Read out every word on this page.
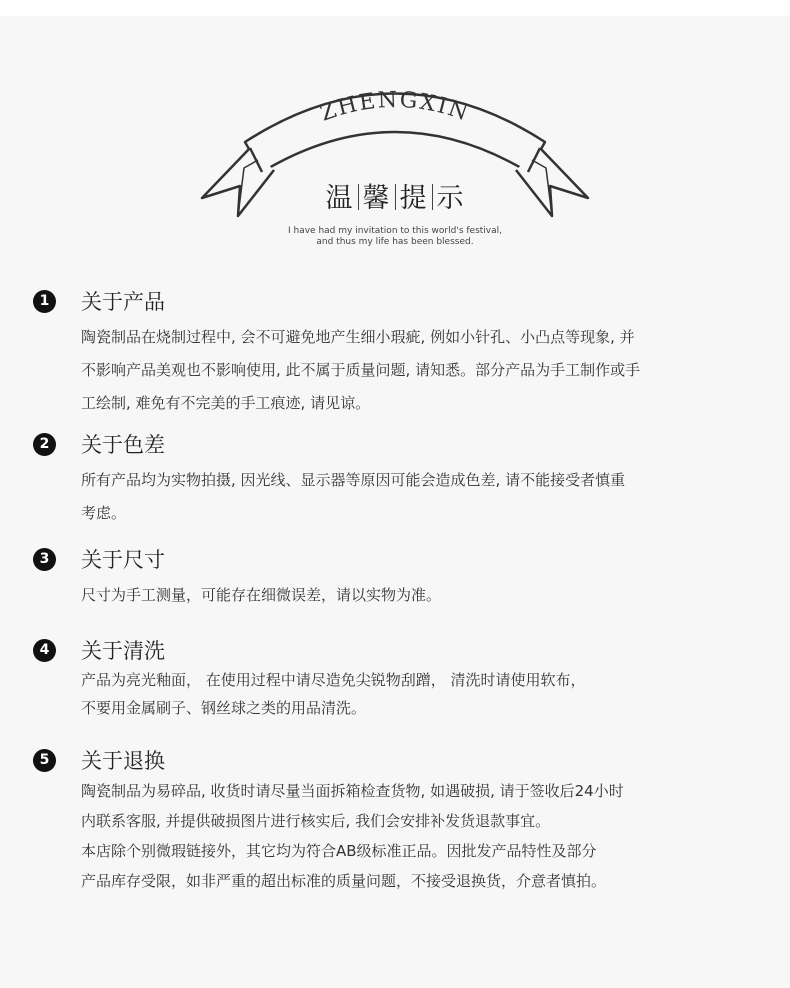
ZHENGXIN
温 馨 提 示
I have had my invitation to this world's festival,
and thus my life has been blessed.
1	关于产品
陶瓷制品在烧制过程中, 会不可避免地产生细小瑕疵, 例如小针孔、小凸点等现象, 并
不影响产品美观也不影响使用, 此不属于质量问题, 请知悉。部分产品为手工制作或手
工绘制, 难免有不完美的手工痕迹, 请见谅。
2	关于色差
所有产品均为实物拍摄, 因光线、显示器等原因可能会造成色差, 请不能接受者慎重
考虑。
3	关于尺寸
尺寸为手工测量，可能存在细微误差，请以实物为准。
4	关于清洗
产品为亮光釉面， 在使用过程中请尽造免尖锐物刮蹭， 清洗时请使用软布，
不要用金属刷子、钢丝球之类的用品清洗。
5	关于退换
陶瓷制品为易碎品, 收货时请尽量当面拆箱检查货物, 如遇破损, 请于签收后24小时
内联系客服, 并提供破损图片进行核实后, 我们会安排补发货退款事宜。
本店除个别微瑕链接外，其它均为符合AB级标准正品。因批发产品特性及部分
产品库存受限，如非严重的超出标准的质量问题，不接受退换货，介意者慎拍。
